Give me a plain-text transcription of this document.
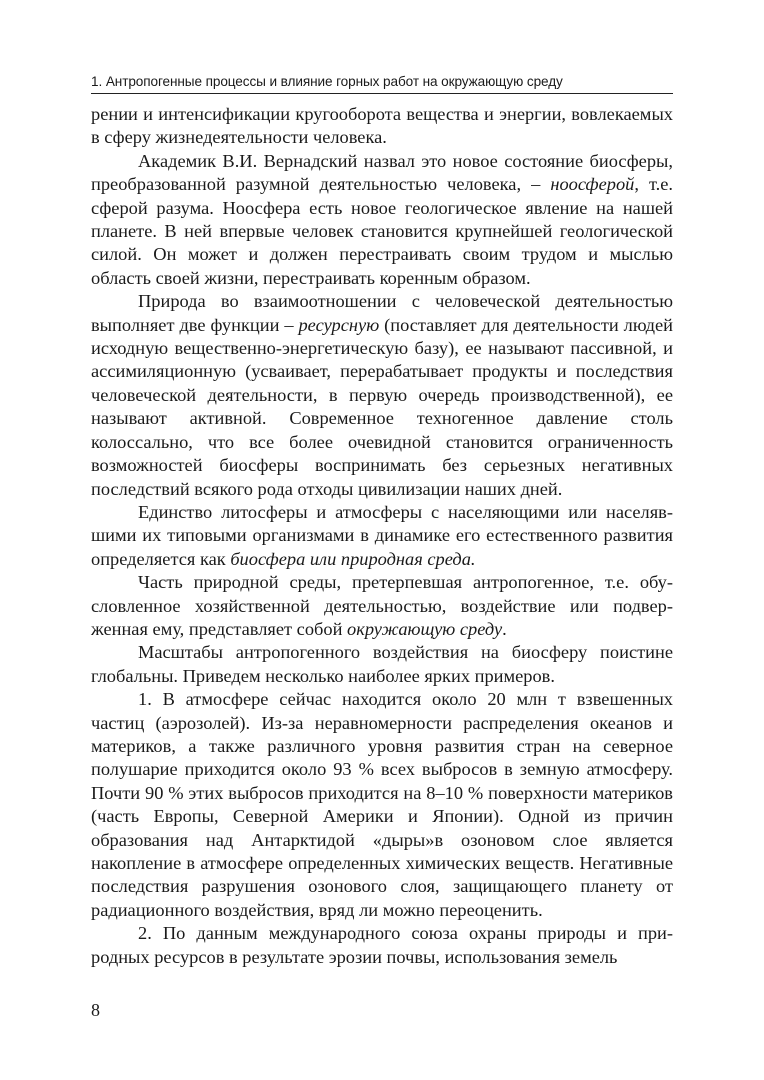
1. Антропогенные процессы и влияние горных работ на окружающую среду

рении и интенсификации кругооборота вещества и энергии, вовлекаемых в сферу жизнедеятельности человека.

Академик В.И. Вернадский назвал это новое состояние биосферы, преобразованной разумной деятельностью человека, – ноосферой, т.е. сферой разума. Ноосфера есть новое геологическое явление на нашей планете. В ней впервые человек становится крупнейшей геологической силой. Он может и должен перестраивать своим трудом и мыслью область своей жизни, перестраивать коренным образом.

Природа во взаимоотношении с человеческой деятельностью выполняет две функции – ресурсную (поставляет для деятельности людей исходную вещественно-энергетическую базу), ее называют пассивной, и ассимиляционную (усваивает, перерабатывает продукты и последствия человеческой деятельности, в первую очередь производственной), ее называют активной. Современное техногенное давление столь колоссально, что все более очевидной становится ограниченность возможностей биосферы воспринимать без серьезных негативных последствий всякого рода отходы цивилизации наших дней.

Единство литосферы и атмосферы с населяющими или населявшими их типовыми организмами в динамике его естественного развития определяется как биосфера или природная среда.

Часть природной среды, претерпевшая антропогенное, т.е. обусловленное хозяйственной деятельностью, воздействие или подверженная ему, представляет собой окружающую среду.

Масштабы антропогенного воздействия на биосферу поистине глобальны. Приведем несколько наиболее ярких примеров.

1. В атмосфере сейчас находится около 20 млн т взвешенных частиц (аэрозолей). Из-за неравномерности распределения океанов и материков, а также различного уровня развития стран на северное полушарие приходится около 93 % всех выбросов в земную атмосферу. Почти 90 % этих выбросов приходится на 8–10 % поверхности материков (часть Европы, Северной Америки и Японии). Одной из причин образования над Антарктидой «дыры»в озоновом слое является накопление в атмосфере определенных химических веществ. Негативные последствия разрушения озонового слоя, защищающего планету от радиационного воздействия, вряд ли можно переоценить.

2. По данным международного союза охраны природы и природных ресурсов в результате эрозии почвы, использования земель

8
